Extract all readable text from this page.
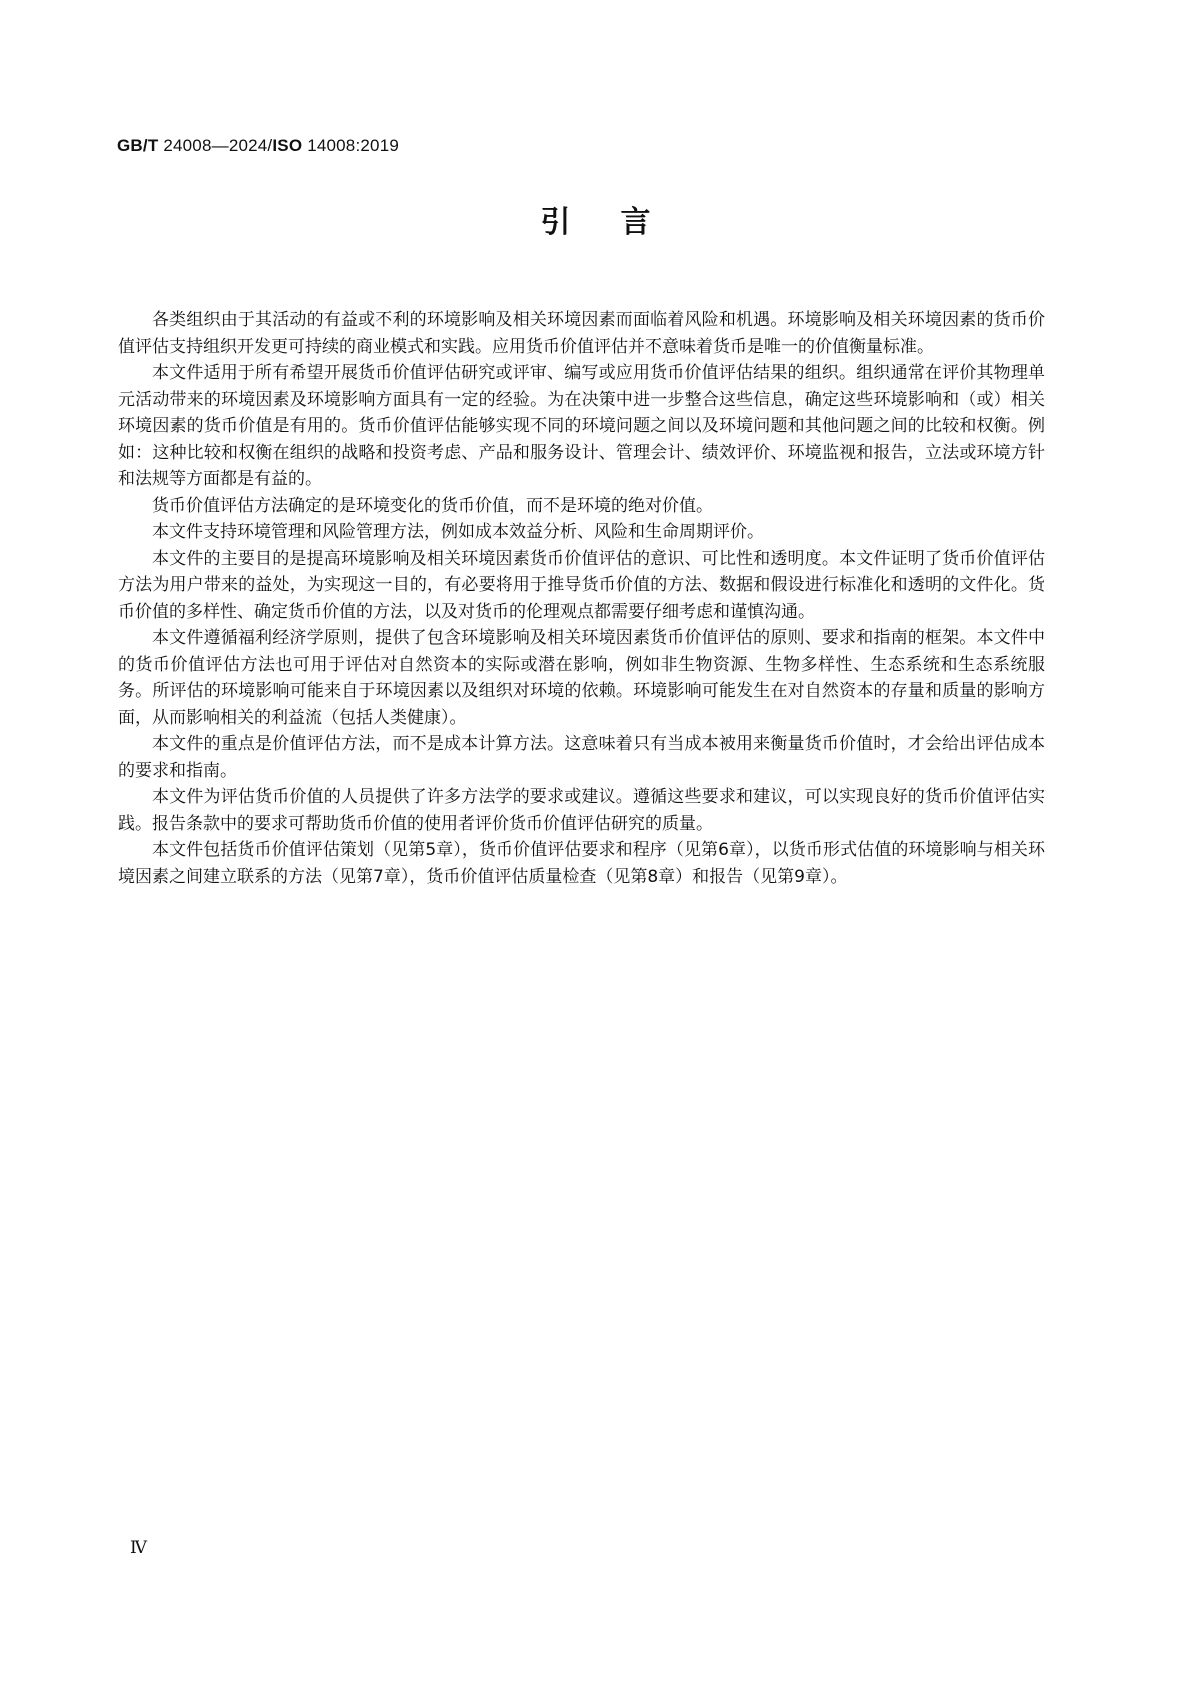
GB/T 24008—2024/ISO 14008:2019
引言

各类组织由于其活动的有益或不利的环境影响及相关环境因素而面临着风险和机遇。环境影响及相关环境因素的货币价值评估支持组织开发更可持续的商业模式和实践。应用货币价值评估并不意味着货币是唯一的价值衡量标准。

本文件适用于所有希望开展货币价值评估研究或评审、编写或应用货币价值评估结果的组织。组织通常在评价其物理单元活动带来的环境因素及环境影响方面具有一定的经验。为在决策中进一步整合这些信息，确定这些环境影响和（或）相关环境因素的货币价值是有用的。货币价值评估能够实现不同的环境问题之间以及环境问题和其他问题之间的比较和权衡。例如：这种比较和权衡在组织的战略和投资考虑、产品和服务设计、管理会计、绩效评价、环境监视和报告，立法或环境方针和法规等方面都是有益的。

货币价值评估方法确定的是环境变化的货币价值，而不是环境的绝对价值。

本文件支持环境管理和风险管理方法，例如成本效益分析、风险和生命周期评价。

本文件的主要目的是提高环境影响及相关环境因素货币价值评估的意识、可比性和透明度。本文件证明了货币价值评估方法为用户带来的益处，为实现这一目的，有必要将用于推导货币价值的方法、数据和假设进行标准化和透明的文件化。货币价值的多样性、确定货币价值的方法，以及对货币的伦理观点都需要仔细考虑和谨慎沟通。

本文件遵循福利经济学原则，提供了包含环境影响及相关环境因素货币价值评估的原则、要求和指南的框架。本文件中的货币价值评估方法也可用于评估对自然资本的实际或潜在影响，例如非生物资源、生物多样性、生态系统和生态系统服务。所评估的环境影响可能来自于环境因素以及组织对环境的依赖。环境影响可能发生在对自然资本的存量和质量的影响方面，从而影响相关的利益流（包括人类健康）。

本文件的重点是价值评估方法，而不是成本计算方法。这意味着只有当成本被用来衡量货币价值时，才会给出评估成本的要求和指南。

本文件为评估货币价值的人员提供了许多方法学的要求或建议。遵循这些要求和建议，可以实现良好的货币价值评估实践。报告条款中的要求可帮助货币价值的使用者评价货币价值评估研究的质量。

本文件包括货币价值评估策划（见第5章），货币价值评估要求和程序（见第6章），以货币形式估值的环境影响与相关环境因素之间建立联系的方法（见第7章），货币价值评估质量检查（见第8章）和报告（见第9章）。

Ⅳ
